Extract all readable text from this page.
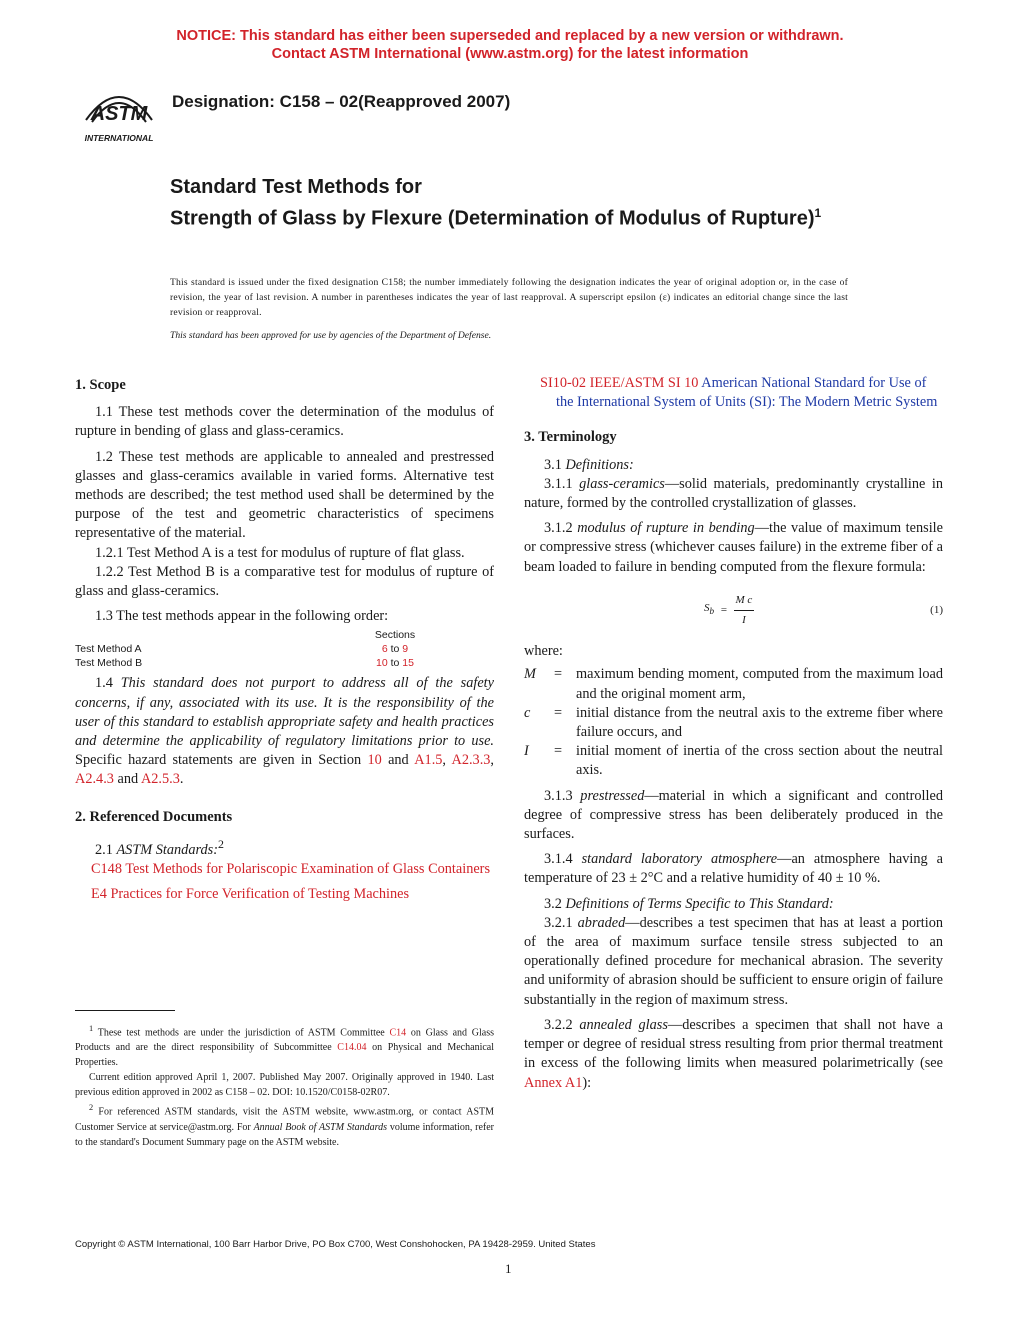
NOTICE: This standard has either been superseded and replaced by a new version or withdrawn.
Contact ASTM International (www.astm.org) for the latest information
ASTM
INTERNATIONAL
Designation: C158 – 02(Reapproved 2007)
Standard Test Methods for
Strength of Glass by Flexure (Determination of Modulus of Rupture)$^1$
This standard is issued under the fixed designation C158; the number immediately following the designation indicates the year of original adoption or, in the case of revision, the year of last revision. A number in parentheses indicates the year of last reapproval. A superscript epsilon (ε) indicates an editorial change since the last revision or reapproval.
This standard has been approved for use by agencies of the Department of Defense.
1. Scope

1.1 These test methods cover the determination of the modulus of rupture in bending of glass and glass-ceramics.

1.2 These test methods are applicable to annealed and prestressed glasses and glass-ceramics available in varied forms. Alternative test methods are described; the test method used shall be determined by the purpose of the test and geometric characteristics of specimens representative of the material.

1.2.1 Test Method A is a test for modulus of rupture of flat glass.

1.2.2 Test Method B is a comparative test for modulus of rupture of glass and glass-ceramics.

1.3 The test methods appear in the following order:

Sections
Test Method A	6 to 9
Test Method B	10 to 15

1.4 This standard does not purport to address all of the safety concerns, if any, associated with its use. It is the responsibility of the user of this standard to establish appropriate safety and health practices and determine the applicability of regulatory limitations prior to use. Specific hazard statements are given in Section 10 and A1.5, A2.3.3, A2.4.3 and A2.5.3.

2. Referenced Documents

2.1 ASTM Standards:$^2$

C148 Test Methods for Polariscopic Examination of Glass Containers

E4 Practices for Force Verification of Testing Machines

SI10-02 IEEE/ASTM SI 10 American National Standard for Use of the International System of Units (SI): The Modern Metric System

3. Terminology

3.1 Definitions:

3.1.1 glass-ceramics—solid materials, predominantly crystalline in nature, formed by the controlled crystallization of glasses.

3.1.2 modulus of rupture in bending—the value of maximum tensile or compressive stress (whichever causes failure) in the extreme fiber of a beam loaded to failure in bending computed from the flexure formula:

$S_b = \frac{\text{M c}}{I}$	(1)

where:

M	= maximum bending moment, computed from the maximum load and the original moment arm,
c	= initial distance from the neutral axis to the extreme fiber where failure occurs, and
I	= initial moment of inertia of the cross section about the neutral axis.

3.1.3 prestressed—material in which a significant and controlled degree of compressive stress has been deliberately produced in the surfaces.

3.1.4 standard laboratory atmosphere—an atmosphere having a temperature of 23 ± 2°C and a relative humidity of 40 ± 10 %.

3.2 Definitions of Terms Specific to This Standard:

3.2.1 abraded—describes a test specimen that has at least a portion of the area of maximum surface tensile stress subjected to an operationally defined procedure for mechanical abrasion. The severity and uniformity of abrasion should be sufficient to ensure origin of failure substantially in the region of maximum stress.

3.2.2 annealed glass—describes a specimen that shall not have a temper or degree of residual stress resulting from prior thermal treatment in excess of the following limits when measured polarimetrically (see Annex A1):

$^1$ These test methods are under the jurisdiction of ASTM Committee C14 on Glass and Glass Products and are the direct responsibility of Subcommittee C14.04 on Physical and Mechanical Properties.

Current edition approved April 1, 2007. Published May 2007. Originally approved in 1940. Last previous edition approved in 2002 as C158 – 02. DOI: 10.1520/C0158-02R07.

$^2$ For referenced ASTM standards, visit the ASTM website, www.astm.org, or contact ASTM Customer Service at service@astm.org. For Annual Book of ASTM Standards volume information, refer to the standard's Document Summary page on the ASTM website.

Copyright © ASTM International, 100 Barr Harbor Drive, PO Box C700, West Conshohocken, PA 19428-2959. United States
1
